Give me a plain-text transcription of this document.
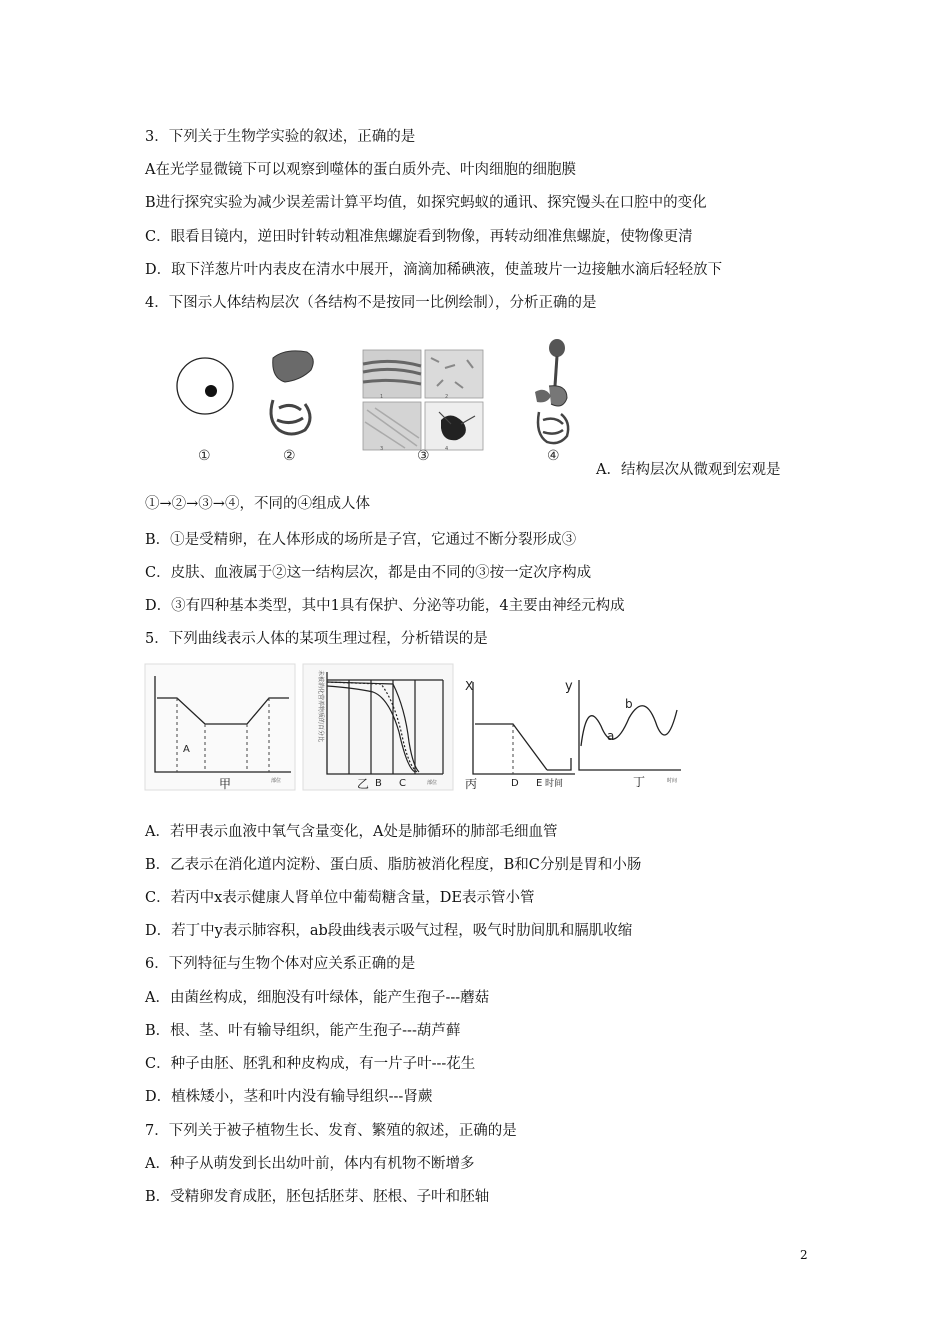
3．下列关于生物学实验的叙述，正确的是
A在光学显微镜下可以观察到噬体的蛋白质外壳、叶肉细胞的细胞膜
B进行探究实验为减少误差需计算平均值，如探究蚂蚁的通讯、探究馒头在口腔中的变化
C．眼看目镜内，逆田时针转动粗准焦螺旋看到物像，再转动细准焦螺旋，使物像更清
D．取下洋葱片叶内表皮在清水中展开，滴滴加稀碘液，使盖玻片一边接触水滴后轻轻放下
4．下图示人体结构层次（各结构不是按同一比例绘制），分析正确的是
1	2
3	4
①	②	③	④
A．结构层次从微观到宏观是
①→②→③→④，不同的④组成人体
B．①是受精卵，在人体形成的场所是子宫，它通过不断分裂形成③
C．皮肤、血液属于②这一结构层次，都是由不同的③按一定次序构成
D．③有四种基本类型，其中1具有保护、分泌等功能，4主要由神经元构成
5．下列曲线表示人体的某项生理过程，分析错误的是
A
甲	部位
未被消化营养物质的百分比
乙 B C	部位
X
丙	D E 时间
y
a
b
丁	时间
A．若甲表示血液中氧气含量变化，A处是肺循环的肺部毛细血管
B．乙表示在消化道内淀粉、蛋白质、脂肪被消化程度，B和C分别是胃和小肠
C．若丙中x表示健康人肾单位中葡萄糖含量，DE表示管小管
D．若丁中y表示肺容积，ab段曲线表示吸气过程，吸气时肋间肌和膈肌收缩
6．下列特征与生物个体对应关系正确的是
A．由菌丝构成，细胞没有叶绿体，能产生孢子---蘑菇
B．根、茎、叶有输导组织，能产生孢子---葫芦藓
C．种子由胚、胚乳和种皮构成，有一片子叶---花生
D．植株矮小，茎和叶内没有输导组织---肾蕨
7．下列关于被子植物生长、发育、繁殖的叙述，正确的是
A．种子从萌发到长出幼叶前，体内有机物不断增多
B．受精卵发育成胚，胚包括胚芽、胚根、子叶和胚轴
2
